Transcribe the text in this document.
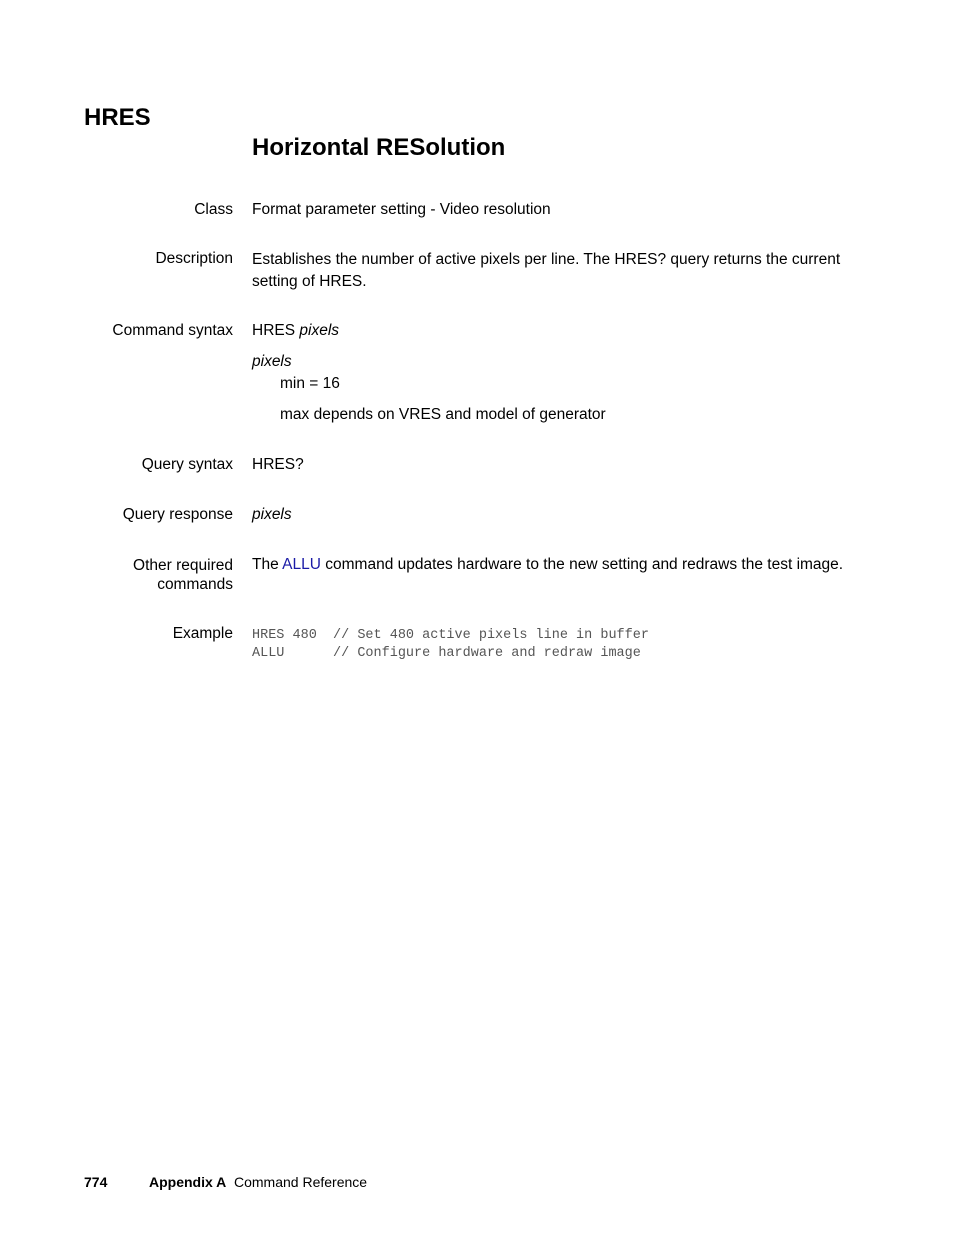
HRES
Horizontal RESolution
Class Format parameter setting - Video resolution
Description Establishes the number of active pixels per line. The HRES? query returns the current setting of HRES.
Command syntax HRES pixels
pixels
min = 16
max depends on VRES and model of generator
Query syntax HRES?
Query response pixels
Other required
commands
The ALLU command updates hardware to the new setting and redraws the test image.
Example HRES 480  // Set 480 active pixels line in buffer
ALLU      // Configure hardware and redraw image
774	Appendix A Command Reference
